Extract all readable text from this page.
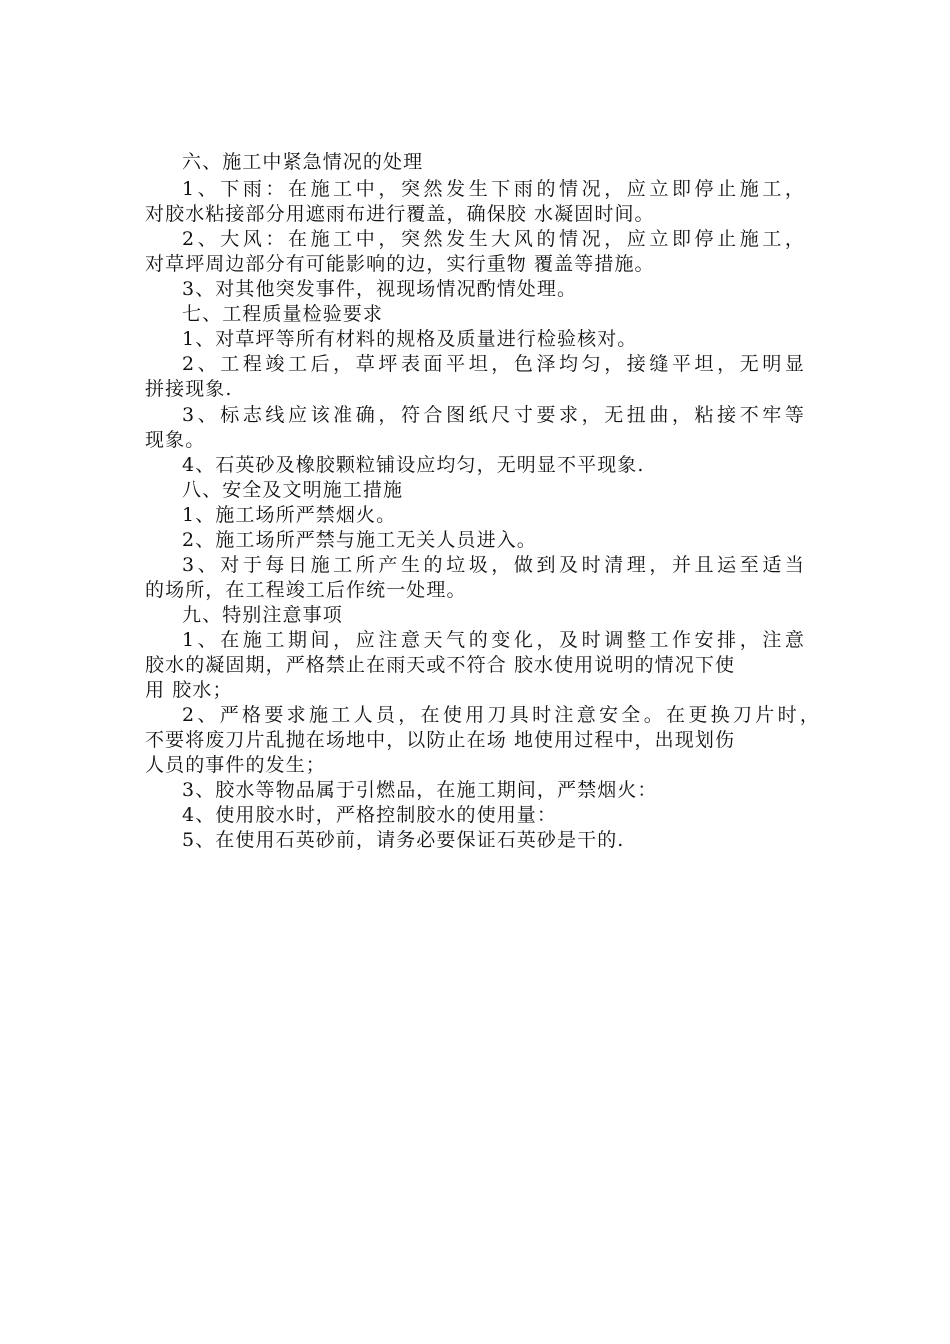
六、施工中紧急情况的处理
1、下雨：在施工中，突然发生下雨的情况，应立即停止施工，
对胶水粘接部分用遮雨布进行覆盖，确保胶 水凝固时间。
2、大风：在施工中，突然发生大风的情况，应立即停止施工，
对草坪周边部分有可能影响的边，实行重物 覆盖等措施。
3、对其他突发事件，视现场情况酌情处理。
七、工程质量检验要求
1、对草坪等所有材料的规格及质量进行检验核对。
2、工程竣工后，草坪表面平坦，色泽均匀，接缝平坦，无明显
拼接现象.
3、标志线应该准确，符合图纸尺寸要求，无扭曲，粘接不牢等
现象。
4、石英砂及橡胶颗粒铺设应均匀，无明显不平现象.
八、安全及文明施工措施
1、施工场所严禁烟火。
2、施工场所严禁与施工无关人员进入。
3、对于每日施工所产生的垃圾，做到及时清理，并且运至适当
的场所，在工程竣工后作统一处理。
九、特别注意事项
1、在施工期间，应注意天气的变化，及时调整工作安排，注意
胶水的凝固期，严格禁止在雨天或不符合 胶水使用说明的情况下使
用 胶水；
2、严格要求施工人员，在使用刀具时注意安全。在更换刀片时，
不要将废刀片乱抛在场地中，以防止在场 地使用过程中，出现划伤
人员的事件的发生；
3、胶水等物品属于引燃品，在施工期间，严禁烟火：
4、使用胶水时，严格控制胶水的使用量：
5、在使用石英砂前，请务必要保证石英砂是干的.
